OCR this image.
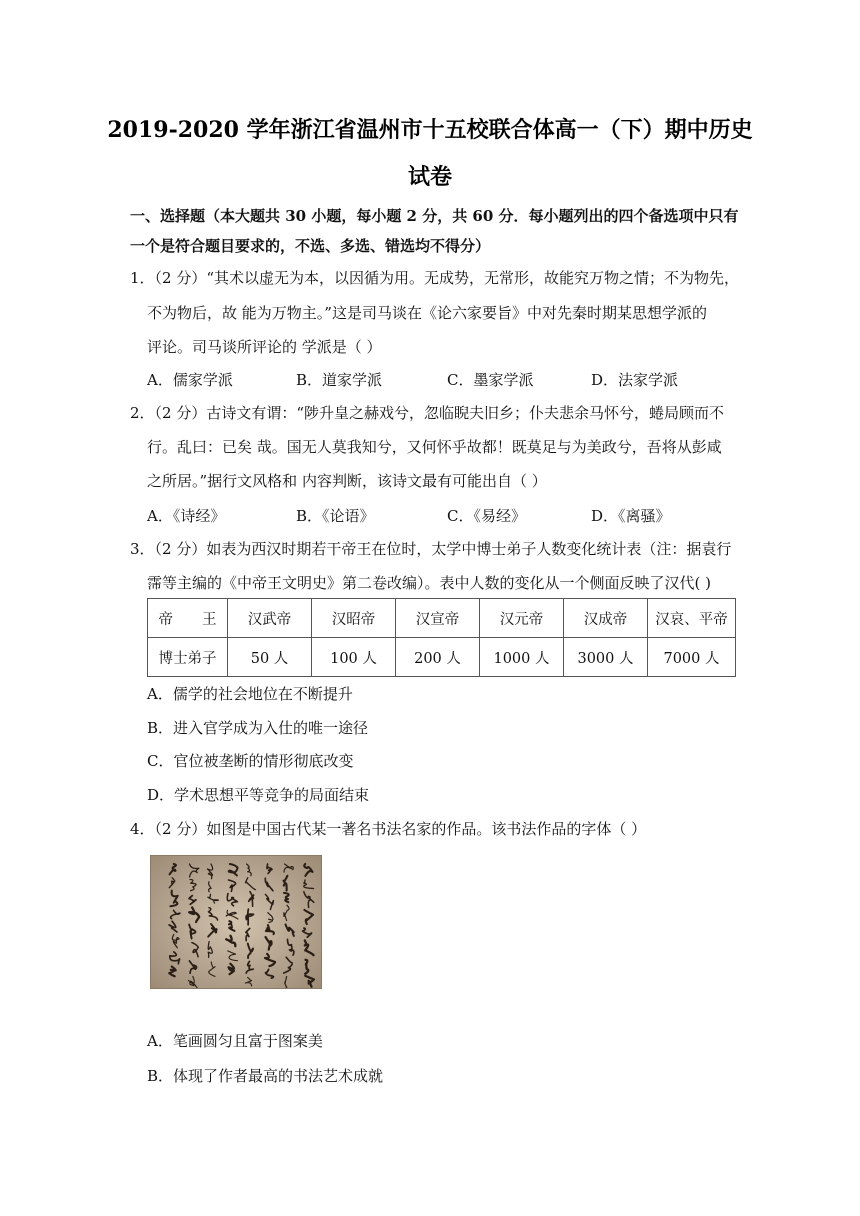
2019-2020 学年浙江省温州市十五校联合体高一（下）期中历史
试卷
一、选择题（本大题共 30 小题，每小题 2 分，共 60 分．每小题列出的四个备选项中只有
一个是符合题目要求的，不选、多选、错选均不得分）
1．（2 分）“其术以虚无为本，以因循为用。无成势，无常形，故能究万物之情；不为物先，
不为物后，故 能为万物主。”这是司马谈在《论六家要旨》中对先秦时期某思想学派的
评论。司马谈所评论的 学派是（ ）
A．儒家学派	B．道家学派	C．墨家学派	D．法家学派
2．（2 分）古诗文有谓：“陟升皇之赫戏兮，忽临睨夫旧乡；仆夫悲余马怀兮，蜷局顾而不
行。乱曰：已矣 哉。国无人莫我知兮，又何怀乎故都！既莫足与为美政兮，吾将从彭咸
之所居。”据行文风格和 内容判断，该诗文最有可能出自（ ）
A．《诗经》	B．《论语》	C．《易经》	D．《离骚》
3．（2 分）如表为西汉时期若干帝王在位时，太学中博士弟子人数变化统计表（注：据袁行
霈等主编的《中帝王文明史》第二卷改编）。表中人数的变化从一个侧面反映了汉代( )
帝　　王	汉武帝	汉昭帝	汉宣帝	汉元帝	汉成帝	汉哀、平帝
博士弟子	50 人	100 人	200 人	1000 人	3000 人	7000 人
A．儒学的社会地位在不断提升
B．进入官学成为入仕的唯一途径
C．官位被垄断的情形彻底改变
D．学术思想平等竞争的局面结束
4．（2 分）如图是中国古代某一著名书法名家的作品。该书法作品的字体（ ）
A．笔画圆匀且富于图案美
B．体现了作者最高的书法艺术成就
